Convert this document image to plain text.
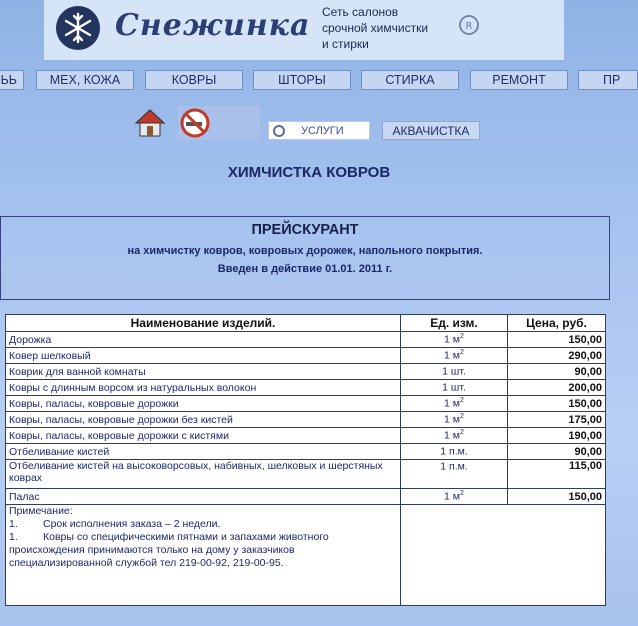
Снежинка Сеть салонов
срочной химчистки
и стирки
R
ЬЬ	МЕХ, КОЖА	КОВРЫ	ШТОРЫ	СТИРКА	РЕМОНТ	ПР
УСЛУГИ	АКВАЧИСТКА
ХИМЧИСТКА КОВРОВ
ПРЕЙСКУРАНТ
на химчистку ковров, ковровых дорожек, напольного покрытия.
Введен в действие 01.01. 2011 г.
Наименование изделий.	Ед. изм.	Цена, руб.
Дорожка	1 $м^2$	150,00
Ковер шелковый	1 $м^2$	290,00
Коврик для ванной комнаты	1 шт.	90,00
Ковры с длинным ворсом из натуральных волокон	1 шт.	200,00
Ковры, паласы, ковровые дорожки	1 $м^2$	150,00
Ковры, паласы, ковровые дорожки без кистей	1 $м^2$	175,00
Ковры, паласы, ковровые дорожки с кистями	1 $м^2$	190,00
Отбеливание кистей	1 п.м.	90,00
Отбеливание кистей на высоковорсовых, набивных, шелковых и шерстяных коврах	1 п.м.	115,00
Палас	1 $м^2$	150,00

Примечание:
1. Срок исполнения заказа – 2 недели.
1. Ковры со специфическими пятнами и запахами животного
происхождения принимаются только на дому у заказчиков
специализированной службой тел 219-00-92, 219-00-95.		
